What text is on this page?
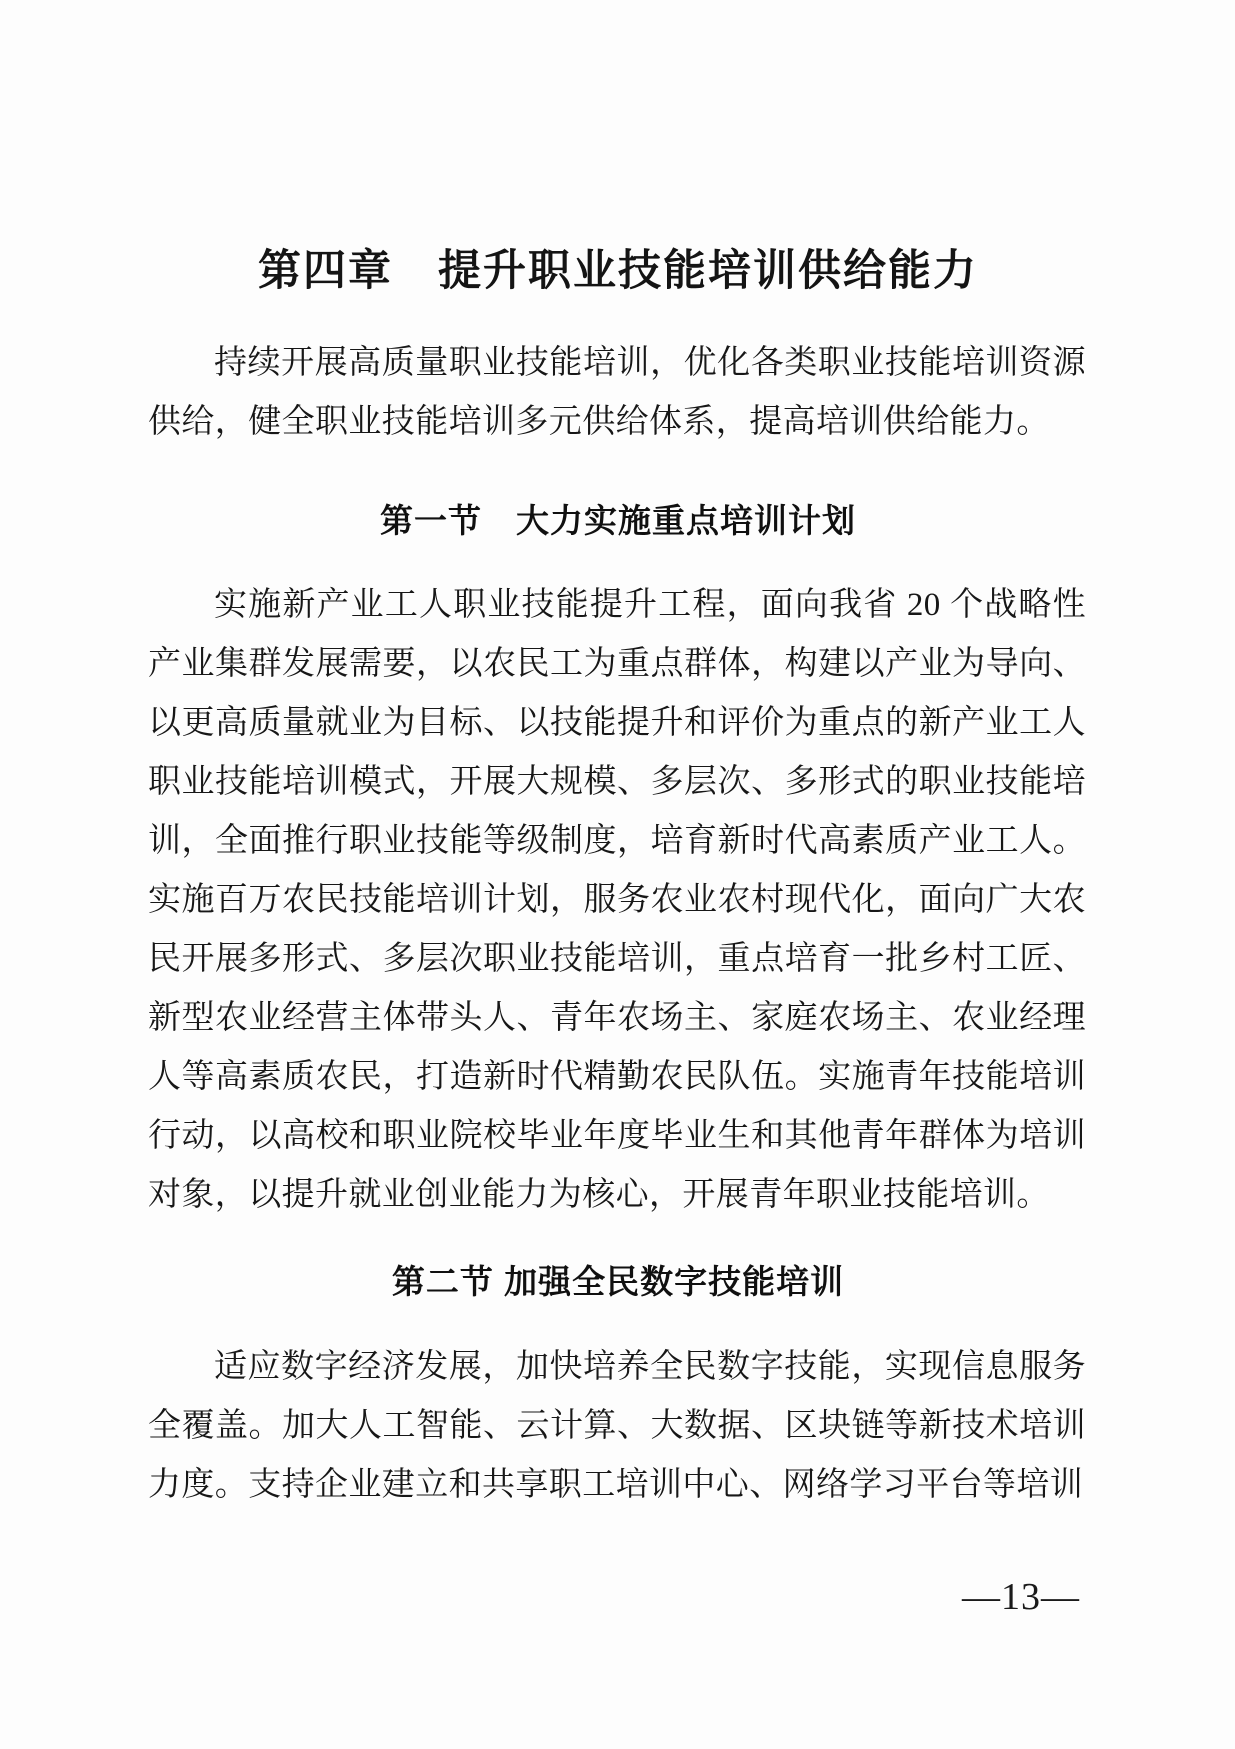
第四章　提升职业技能培训供给能力

持续开展高质量职业技能培训，优化各类职业技能培训资源供给，健全职业技能培训多元供给体系，提高培训供给能力。

第一节　大力实施重点培训计划

实施新产业工人职业技能提升工程，面向我省 20 个战略性产业集群发展需要，以农民工为重点群体，构建以产业为导向、以更高质量就业为目标、以技能提升和评价为重点的新产业工人职业技能培训模式，开展大规模、多层次、多形式的职业技能培训，全面推行职业技能等级制度，培育新时代高素质产业工人。实施百万农民技能培训计划，服务农业农村现代化，面向广大农民开展多形式、多层次职业技能培训，重点培育一批乡村工匠、新型农业经营主体带头人、青年农场主、家庭农场主、农业经理人等高素质农民，打造新时代精勤农民队伍。实施青年技能培训行动，以高校和职业院校毕业年度毕业生和其他青年群体为培训对象，以提升就业创业能力为核心，开展青年职业技能培训。

第二节 加强全民数字技能培训

适应数字经济发展，加快培养全民数字技能，实现信息服务全覆盖。加大人工智能、云计算、大数据、区块链等新技术培训力度。支持企业建立和共享职工培训中心、网络学习平台等培训

—13—
